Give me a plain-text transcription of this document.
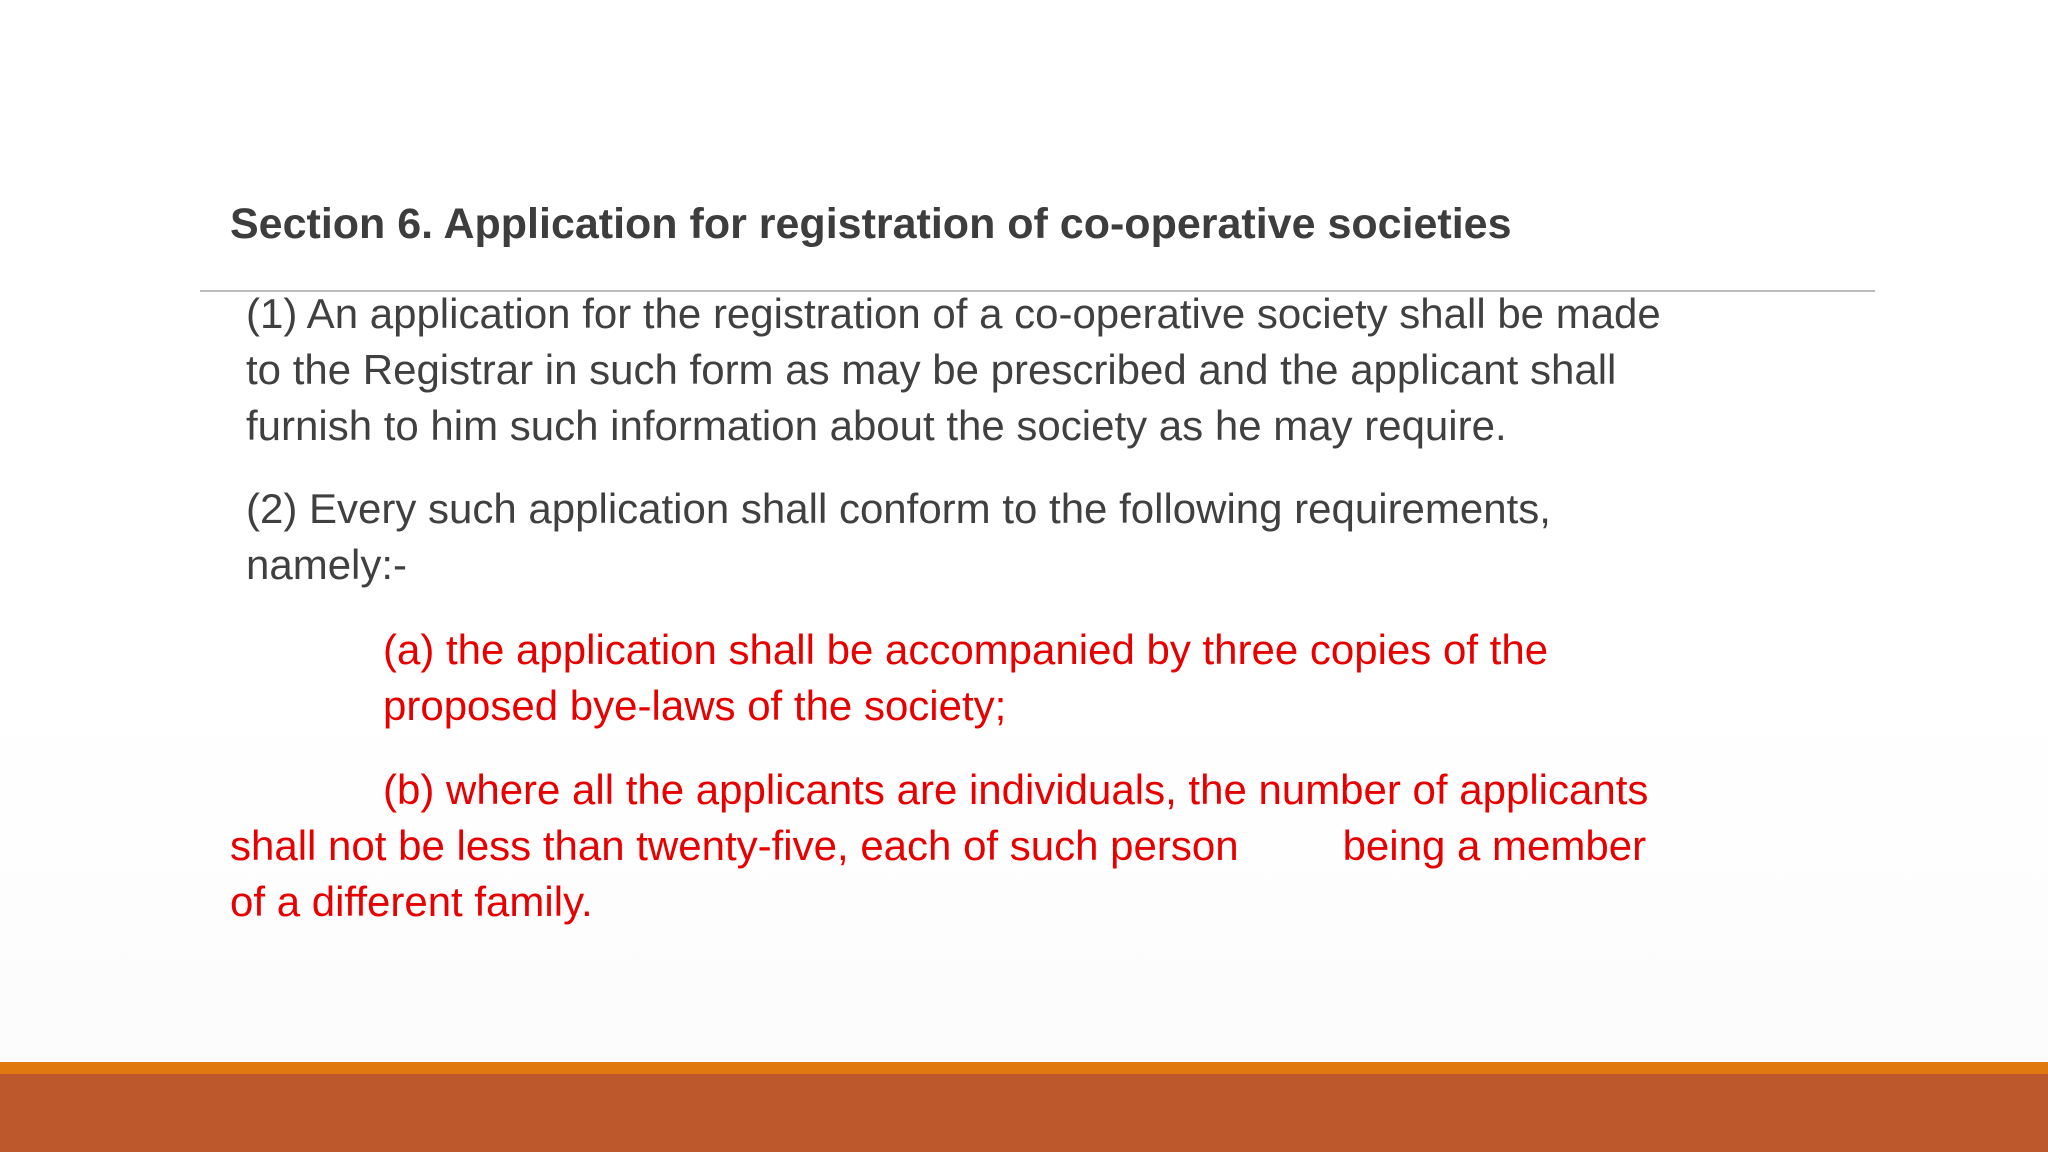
Section 6. Application for registration of co-operative societies

(1) An application for the registration of a co-operative society shall be made
to the Registrar in such form as may be prescribed and the applicant shall
furnish to him such information about the society as he may require.

(2) Every such application shall conform to the following requirements,
namely:-

(a) the application shall be accompanied by three copies of the
proposed bye-laws of the society;

(b) where all the applicants are individuals, the number of applicants
shall not be less than twenty-five, each of such person being a member
of a different family.
